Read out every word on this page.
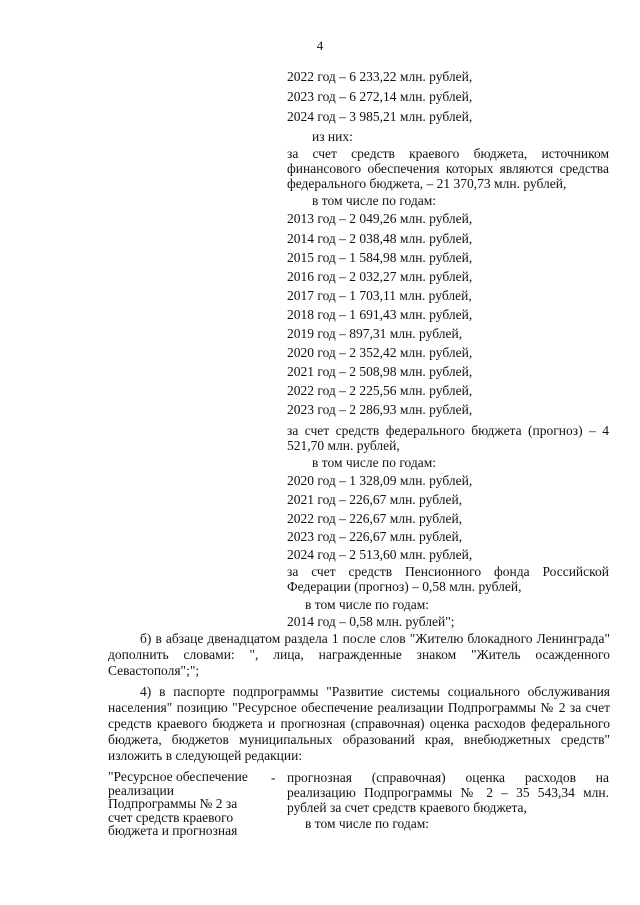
4
2022 год – 6 233,22 млн. рублей,
2023 год – 6 272,14 млн. рублей,
2024 год – 3 985,21 млн. рублей,
из них:
за счет средств краевого бюджета, источником финансового обеспечения которых являются средства федерального бюджета, – 21 370,73 млн. рублей,
в том числе по годам:
2013 год – 2 049,26 млн. рублей,
2014 год – 2 038,48 млн. рублей,
2015 год – 1 584,98 млн. рублей,
2016 год – 2 032,27 млн. рублей,
2017 год – 1 703,11 млн. рублей,
2018 год – 1 691,43 млн. рублей,
2019 год – 897,31 млн. рублей,
2020 год – 2 352,42 млн. рублей,
2021 год – 2 508,98 млн. рублей,
2022 год – 2 225,56 млн. рублей,
2023 год – 2 286,93 млн. рублей,
за счет средств федерального бюджета (прогноз) – 4 521,70 млн. рублей,
в том числе по годам:
2020 год – 1 328,09 млн. рублей,
2021 год – 226,67 млн. рублей,
2022 год – 226,67 млн. рублей,
2023 год – 226,67 млн. рублей,
2024 год – 2 513,60 млн. рублей,
за счет средств Пенсионного фонда Российской Федерации (прогноз) – 0,58 млн. рублей,
в том числе по годам:
2014 год – 0,58 млн. рублей";
б) в абзаце двенадцатом раздела 1 после слов "Жителю блокадного Ленинграда" дополнить словами: ", лица, награжденные знаком "Житель осажденного Севастополя";";
4) в паспорте подпрограммы "Развитие системы социального обслуживания населения" позицию "Ресурсное обеспечение реализации Подпрограммы № 2 за счет средств краевого бюджета и прогнозная (справочная) оценка расходов федерального бюджета, бюджетов муниципальных образований края, внебюджетных средств" изложить в следующей редакции:
"Ресурсное обеспечение реализации Подпрограммы № 2 за счет средств краевого бюджета и прогнозная
- прогнозная (справочная) оценка расходов на реализацию Подпрограммы № 2 – 35 543,34 млн. рублей за счет средств краевого бюджета,
в том числе по годам:
